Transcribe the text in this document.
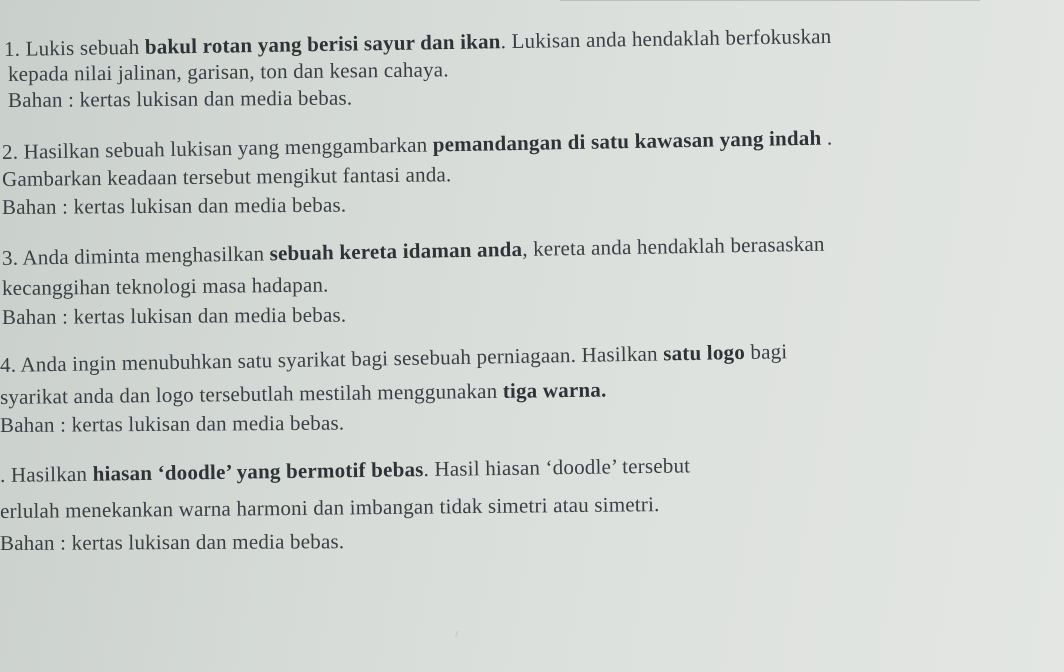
1. Lukis sebuah bakul rotan yang berisi sayur dan ikan. Lukisan anda hendaklah berfokuskan
kepada nilai jalinan, garisan, ton dan kesan cahaya.
Bahan : kertas lukisan dan media bebas.
2. Hasilkan sebuah lukisan yang menggambarkan pemandangan di satu kawasan yang indah .
Gambarkan keadaan tersebut mengikut fantasi anda.
Bahan : kertas lukisan dan media bebas.
3. Anda diminta menghasilkan sebuah kereta idaman anda, kereta anda hendaklah berasaskan
kecanggihan teknologi masa hadapan.
Bahan : kertas lukisan dan media bebas.
4. Anda ingin menubuhkan satu syarikat bagi sesebuah perniagaan. Hasilkan satu logo bagi
syarikat anda dan logo tersebutlah mestilah menggunakan tiga warna.
Bahan : kertas lukisan dan media bebas.
. Hasilkan hiasan ‘doodle’ yang bermotif bebas. Hasil hiasan ‘doodle’ tersebut
erlulah menekankan warna harmoni dan imbangan tidak simetri atau simetri.
Bahan : kertas lukisan dan media bebas.
